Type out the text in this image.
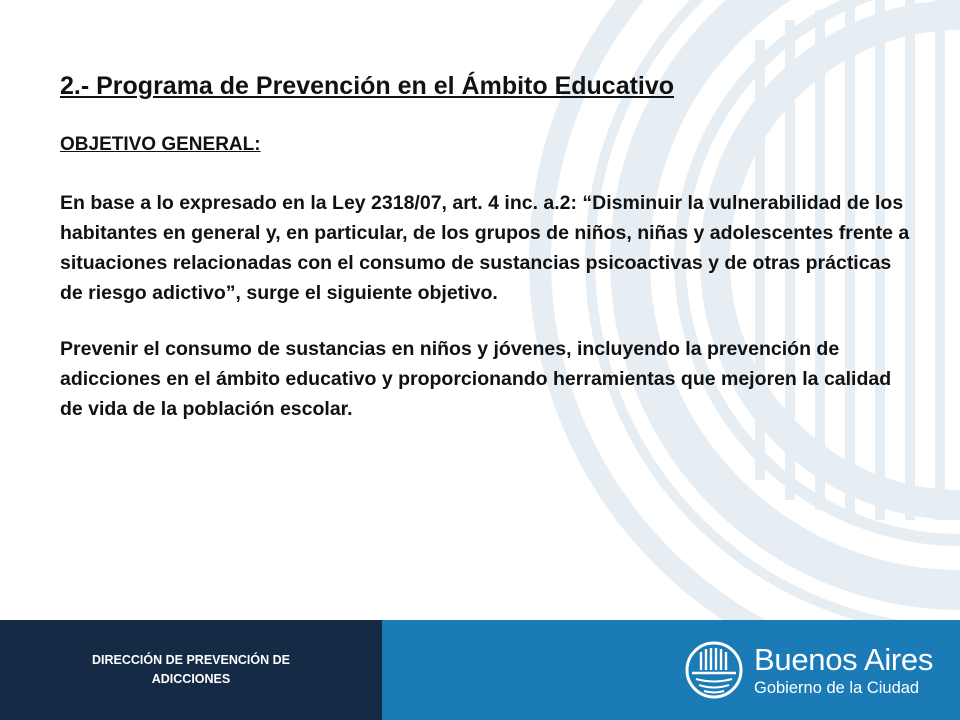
2.- Programa de Prevención en el Ámbito Educativo
OBJETIVO GENERAL:

En base a lo expresado en la Ley 2318/07, art. 4 inc. a.2: “Disminuir la vulnerabilidad de los habitantes en general y, en particular, de los grupos de niños, niñas y adolescentes frente a situaciones relacionadas con el consumo de sustancias psicoactivas y de otras prácticas de riesgo adictivo”, surge el siguiente objetivo.

Prevenir el consumo de sustancias en niños y jóvenes, incluyendo la prevención de adicciones en el ámbito educativo y proporcionando herramientas que mejoren la calidad de vida de la población escolar.

DIRECCIÓN DE PREVENCIÓN DE
ADICCIONES
Buenos Aires
Gobierno de la Ciudad
